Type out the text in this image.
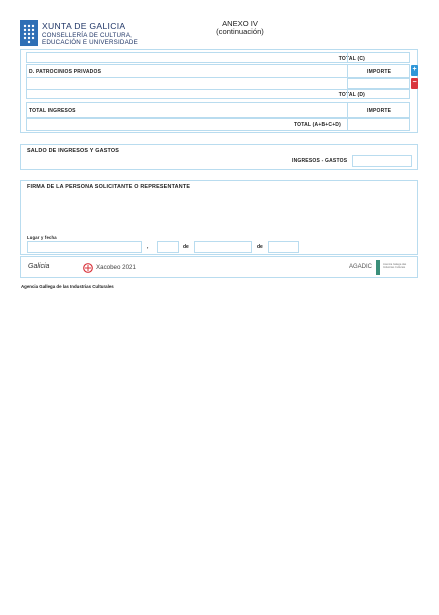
XUNTA DE GALICIA
CONSELLERÍA DE CULTURA,
EDUCACIÓN E UNIVERSIDADE
ANEXO IV
(continuación)
TOTAL (C)
D. PATROCINIOS PRIVADOS	IMPORTE	+
−
TOTAL (D)
TOTAL INGRESOS	IMPORTE
TOTAL (A+B+C+D)
SALDO DE INGRESOS Y GASTOS
INGRESOS - GASTOS
FIRMA DE LA PERSONA SOLICITANTE O REPRESENTANTE
Lugar y fecha
,	de	de
Galicia	Xacobeo 2021	AGADIC	Axencia Galega das Industrias Culturais
Agencia Gallega de las Industrias Culturales
